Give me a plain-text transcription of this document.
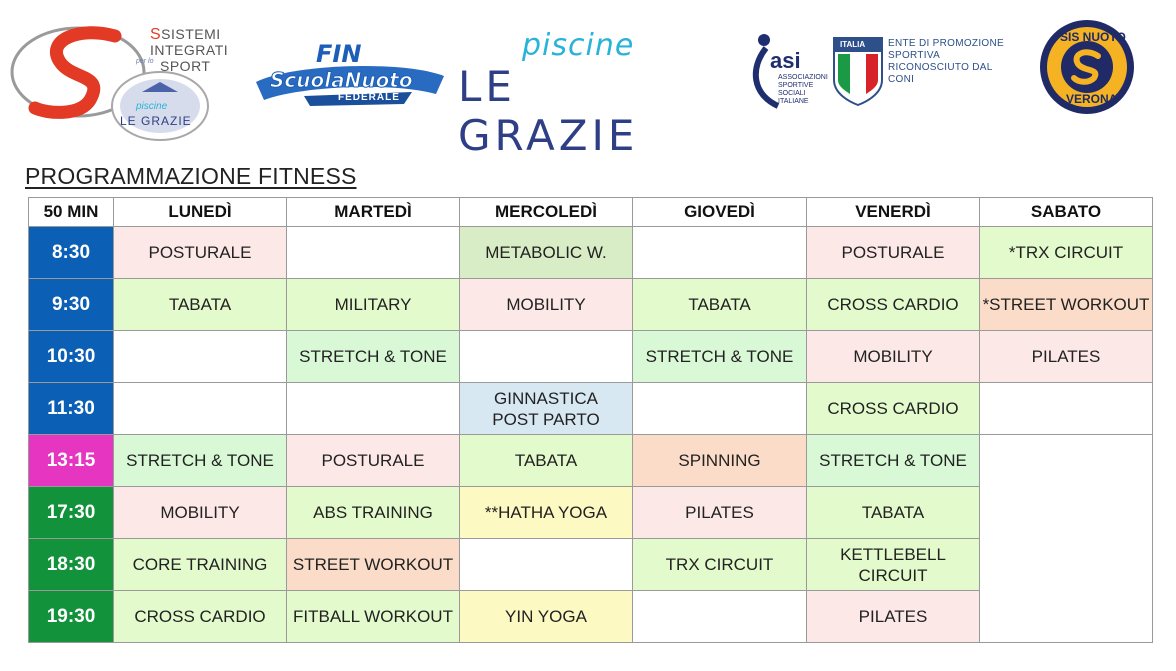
SSISTEMI
INTEGRATI
SPORT
per lo
piscine
LE GRAZIE
FIN
ScuolaNuoto
FEDERALE
piscine
LE GRAZIE
asi
ASSOCIAZIONI SPORTIVE SOCIALI ITALIANE
ITALIA ENTE DI PROMOZIONE SPORTIVA RICONOSCIUTO DAL CONI
SIS NUOTO
VERONA
PROGRAMMAZIONE FITNESS
50 MIN	LUNEDÌ	MARTEDÌ	MERCOLEDÌ	GIOVEDÌ	VENERDÌ	SABATO
8:30	POSTURALE		METABOLIC W.		POSTURALE	*TRX CIRCUIT
9:30	TABATA	MILITARY	MOBILITY	TABATA	CROSS CARDIO	*STREET WORKOUT
10:30		STRETCH & TONE		STRETCH & TONE	MOBILITY	PILATES
11:30			GINNASTICA
POST PARTO		CROSS CARDIO	
13:15	STRETCH & TONE	POSTURALE	TABATA	SPINNING	STRETCH & TONE	
17:30	MOBILITY	ABS TRAINING	**HATHA YOGA	PILATES	TABATA	
18:30	CORE TRAINING	STREET WORKOUT		TRX CIRCUIT	KETTLEBELL CIRCUIT	
19:30	CROSS CARDIO	FITBALL WORKOUT	YIN YOGA		PILATES	
